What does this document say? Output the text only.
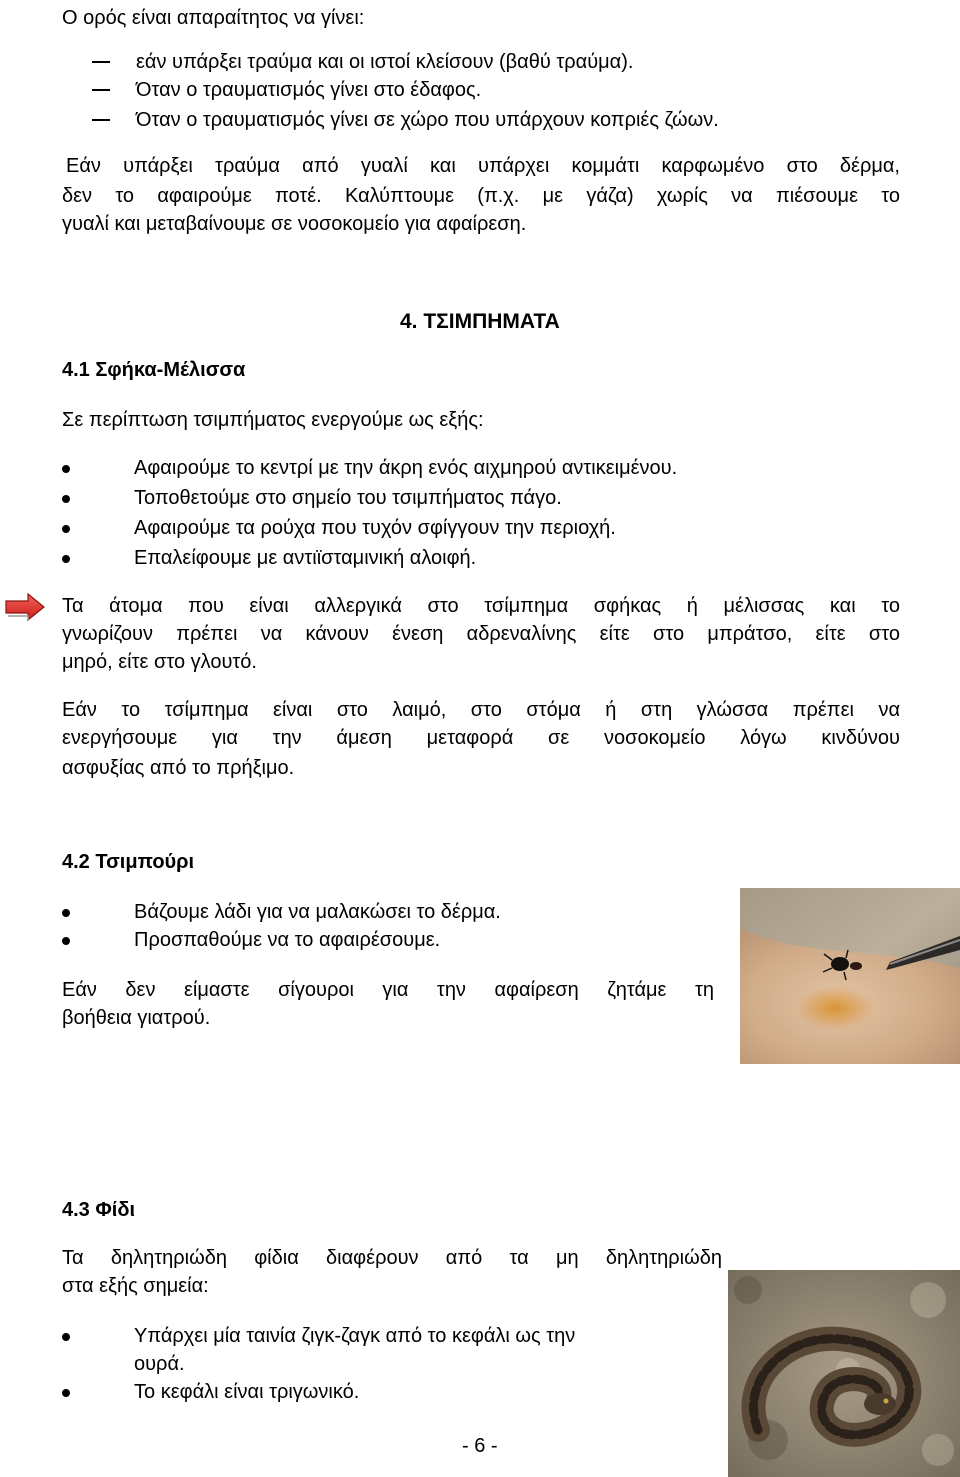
Ο ορός είναι απαραίτητος να γίνει:
εάν υπάρξει τραύμα και οι ιστοί κλείσουν (βαθύ τραύμα).
Όταν ο τραυματισμός γίνει στο έδαφος.
Όταν ο τραυματισμός γίνει σε χώρο που υπάρχουν κοπριές ζώων.
Εάν υπάρξει τραύμα από γυαλί και υπάρχει κομμάτι καρφωμένο στο δέρμα,
δεν το αφαιρούμε ποτέ. Καλύπτουμε (π.χ. με γάζα) χωρίς να πιέσουμε το
γυαλί και μεταβαίνουμε σε νοσοκομείο για αφαίρεση.
4. ΤΣΙΜΠΗΜΑΤΑ
4.1 Σφήκα-Μέλισσα
Σε περίπτωση τσιμπήματος ενεργούμε ως εξής:
Αφαιρούμε το κεντρί με την άκρη ενός αιχμηρού αντικειμένου.
Τοποθετούμε στο σημείο του τσιμπήματος πάγο.
Αφαιρούμε τα ρούχα που τυχόν σφίγγουν την περιοχή.
Επαλείφουμε με αντιϊσταμινική αλοιφή.
Τα άτομα που είναι αλλεργικά στο τσίμπημα σφήκας ή μέλισσας και το
γνωρίζουν πρέπει να κάνουν ένεση αδρεναλίνης είτε στο μπράτσο, είτε στο
μηρό, είτε στο γλουτό.
Εάν το τσίμπημα είναι στο λαιμό, στο στόμα ή στη γλώσσα πρέπει να
ενεργήσουμε για την άμεση μεταφορά σε νοσοκομείο λόγω κινδύνου
ασφυξίας από το πρήξιμο.
4.2 Τσιμπούρι
Βάζουμε λάδι για να μαλακώσει το δέρμα.
Προσπαθούμε να το αφαιρέσουμε.
Εάν δεν είμαστε σίγουροι για την αφαίρεση ζητάμε τη
βοήθεια γιατρού.
4.3 Φίδι
Τα δηλητηριώδη φίδια διαφέρουν από τα μη δηλητηριώδη
στα εξής σημεία:
Υπάρχει μία ταινία ζιγκ-ζαγκ από το κεφάλι ως την
ουρά.
Το κεφάλι είναι τριγωνικό.
- 6 -
